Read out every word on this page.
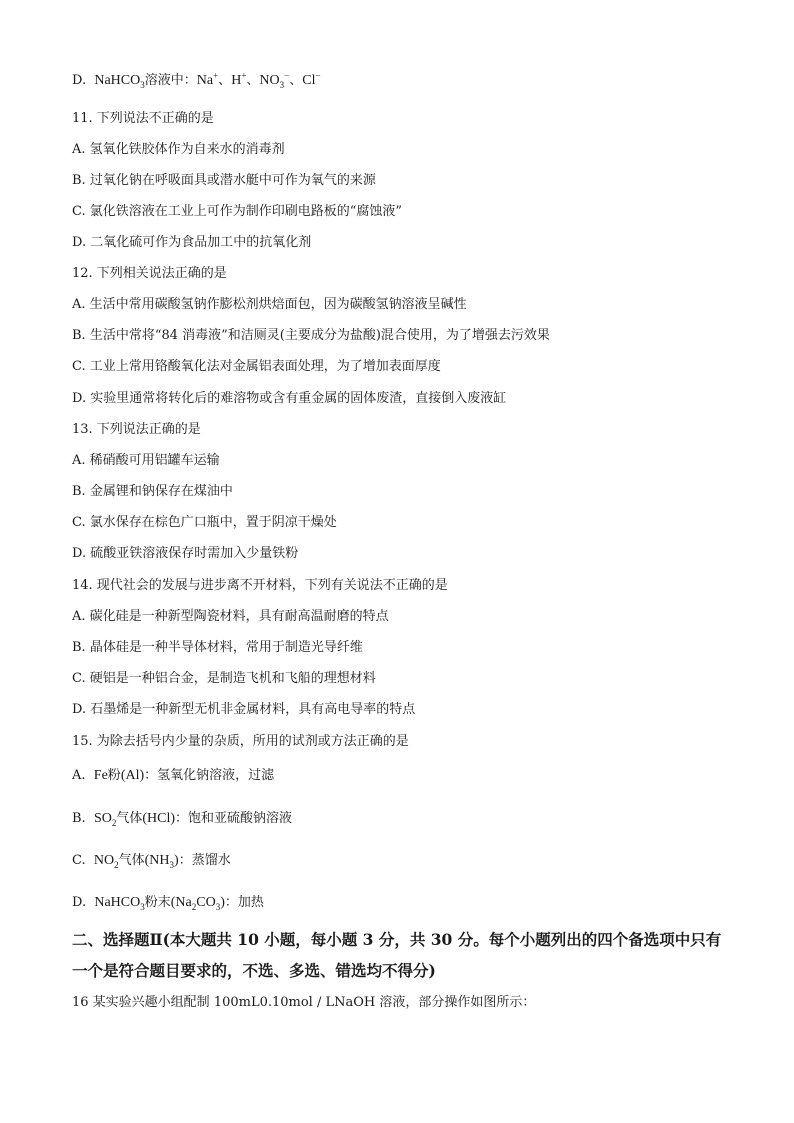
D.  NaHCO$_3$溶液中：Na+、H+、$NO_3^-$、Cl−
11. 下列说法不正确的是
A. 氢氧化铁胶体作为自来水的消毒剂
B. 过氧化钠在呼吸面具或潜水艇中可作为氧气的来源
C. 氯化铁溶液在工业上可作为制作印刷电路板的“腐蚀液”
D. 二氧化硫可作为食品加工中的抗氧化剂
12. 下列相关说法正确的是
A. 生活中常用碳酸氢钠作膨松剂烘焙面包，因为碳酸氢钠溶液呈碱性
B. 生活中常将“84 消毒液”和洁厕灵(主要成分为盐酸)混合使用，为了增强去污效果
C. 工业上常用铬酸氧化法对金属铝表面处理，为了增加表面厚度
D. 实验里通常将转化后的难溶物或含有重金属的固体废渣，直接倒入废液缸
13. 下列说法正确的是
A. 稀硝酸可用铝罐车运输
B. 金属锂和钠保存在煤油中
C. 氯水保存在棕色广口瓶中，置于阴凉干燥处
D. 硫酸亚铁溶液保存时需加入少量铁粉
14. 现代社会的发展与进步离不开材料，下列有关说法不正确的是
A. 碳化硅是一种新型陶瓷材料，具有耐高温耐磨的特点
B. 晶体硅是一种半导体材料，常用于制造光导纤维
C. 硬铝是一种铝合金，是制造飞机和飞船的理想材料
D. 石墨烯是一种新型无机非金属材料，具有高电导率的特点
15. 为除去括号内少量的杂质，所用的试剂或方法正确的是
A.  Fe粉(Al)：氢氧化钠溶液，过滤
B.  $SO_2$气体(HCl)：饱和亚硫酸钠溶液
C.  $NO_2$气体$(NH_3)$：蒸馏水
D.  NaHCO$_3$粉末$(Na_2CO_3)$：加热
二、选择题Ⅱ(本大题共 10 小题，每小题 3 分，共 30 分。每个小题列出的四个备选项中只有
一个是符合题目要求的，不选、多选、错选均不得分)
16 某实验兴趣小组配制 100mL0.10mol / LNaOH 溶液，部分操作如图所示：
